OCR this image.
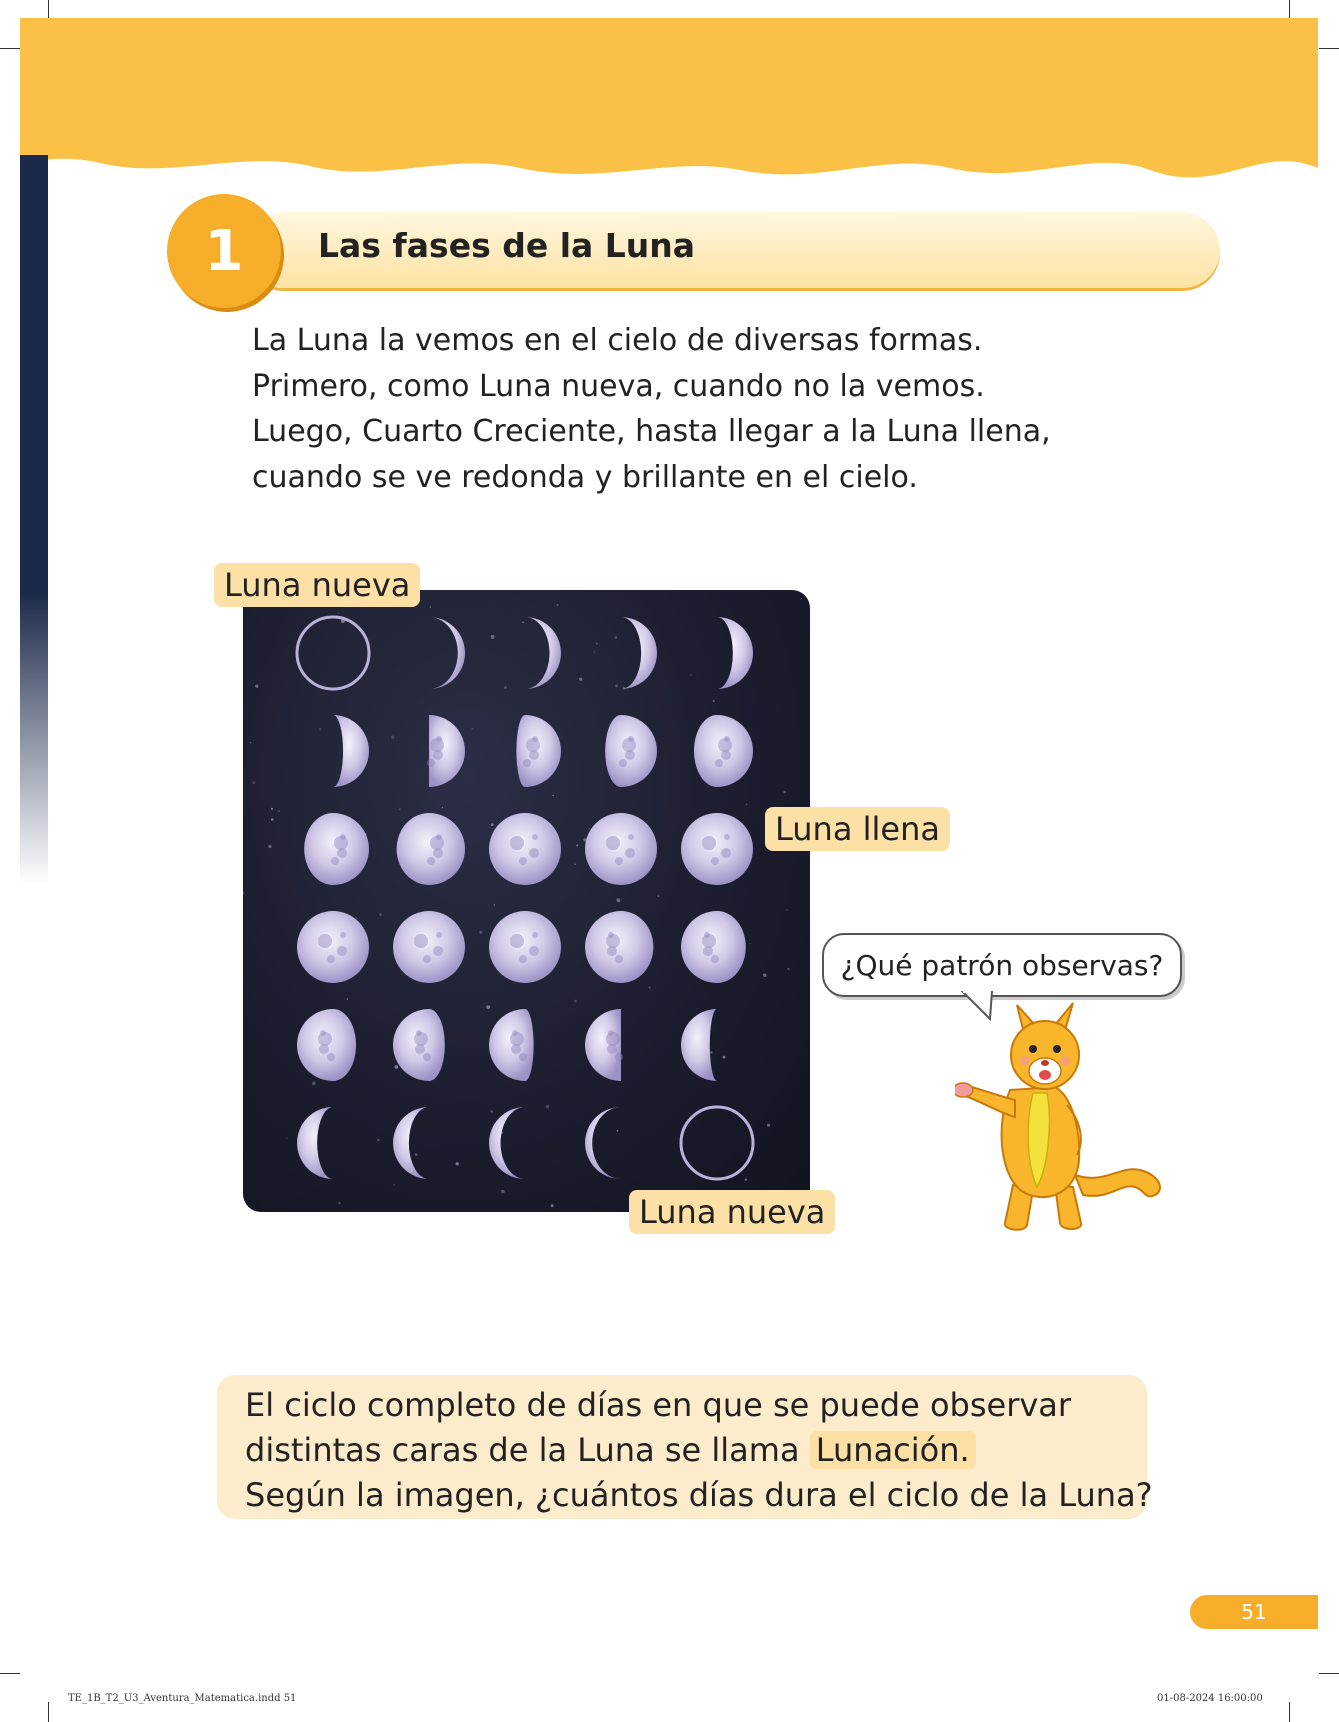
1	Las fases de la Luna
La Luna la vemos en el cielo de diversas formas.
Primero, como Luna nueva, cuando no la vemos.
Luego, Cuarto Creciente, hasta llegar a la Luna llena,
cuando se ve redonda y brillante en el cielo.
Luna nueva
Luna llena
Luna nueva
¿Qué patrón observas?
El ciclo completo de días en que se puede observar
distintas caras de la Luna se llama Lunación.
Según la imagen, ¿cuántos días dura el ciclo de la Luna?
51
TE_1B_T2_U3_Aventura_Matematica.indd 51	01-08-2024 16:00:00
